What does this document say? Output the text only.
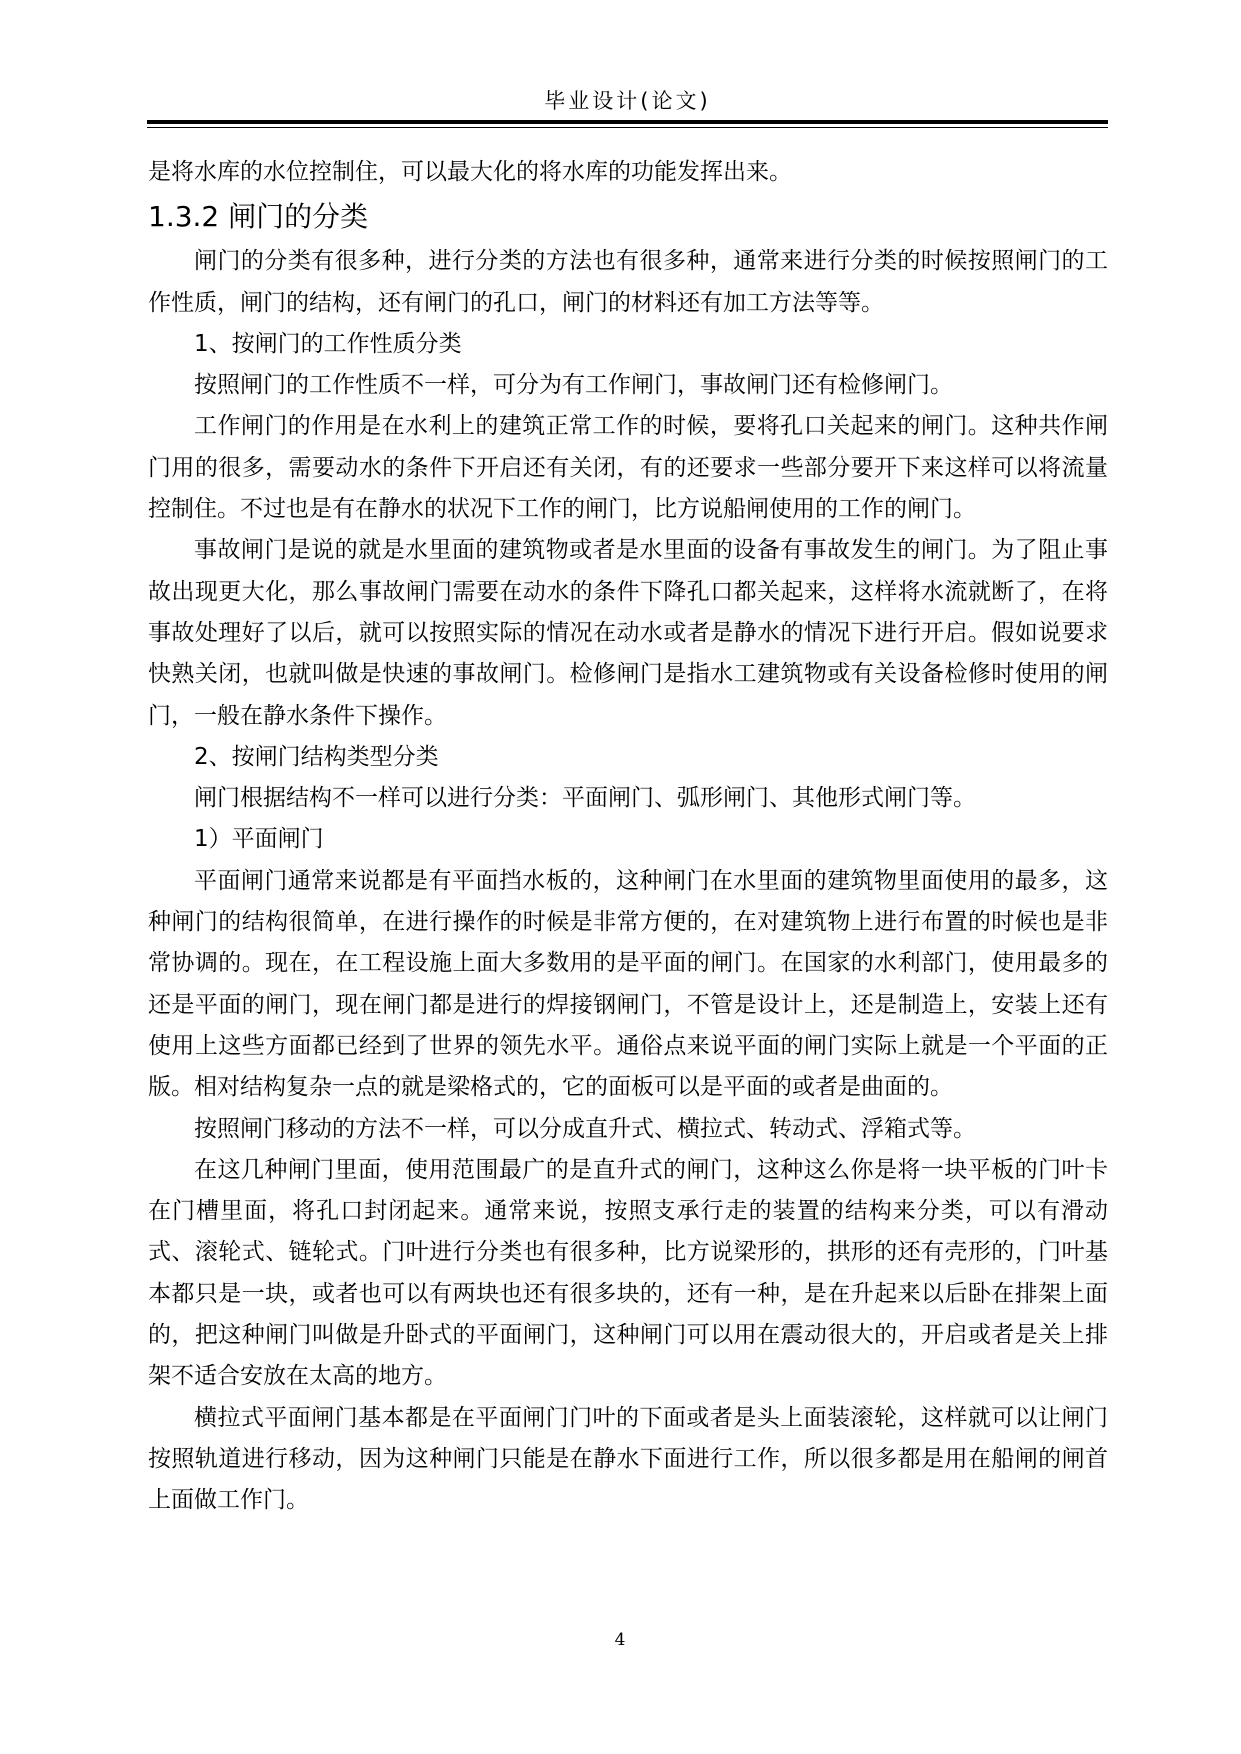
毕业设计(论文)

是将水库的水位控制住，可以最大化的将水库的功能发挥出来。

1.3.2 闸门的分类

闸门的分类有很多种，进行分类的方法也有很多种，通常来进行分类的时候按照闸门的工作性质，闸门的结构，还有闸门的孔口，闸门的材料还有加工方法等等。

1、按闸门的工作性质分类

按照闸门的工作性质不一样，可分为有工作闸门，事故闸门还有检修闸门。

工作闸门的作用是在水利上的建筑正常工作的时候，要将孔口关起来的闸门。这种共作闸门用的很多，需要动水的条件下开启还有关闭，有的还要求一些部分要开下来这样可以将流量控制住。不过也是有在静水的状况下工作的闸门，比方说船闸使用的工作的闸门。

事故闸门是说的就是水里面的建筑物或者是水里面的设备有事故发生的闸门。为了阻止事故出现更大化，那么事故闸门需要在动水的条件下降孔口都关起来，这样将水流就断了，在将事故处理好了以后，就可以按照实际的情况在动水或者是静水的情况下进行开启。假如说要求快熟关闭，也就叫做是快速的事故闸门。检修闸门是指水工建筑物或有关设备检修时使用的闸门，一般在静水条件下操作。

2、按闸门结构类型分类

闸门根据结构不一样可以进行分类：平面闸门、弧形闸门、其他形式闸门等。

1）平面闸门

平面闸门通常来说都是有平面挡水板的，这种闸门在水里面的建筑物里面使用的最多，这种闸门的结构很简单，在进行操作的时候是非常方便的，在对建筑物上进行布置的时候也是非常协调的。现在，在工程设施上面大多数用的是平面的闸门。在国家的水利部门，使用最多的还是平面的闸门，现在闸门都是进行的焊接钢闸门，不管是设计上，还是制造上，安装上还有使用上这些方面都已经到了世界的领先水平。通俗点来说平面的闸门实际上就是一个平面的正版。相对结构复杂一点的就是梁格式的，它的面板可以是平面的或者是曲面的。

按照闸门移动的方法不一样，可以分成直升式、横拉式、转动式、浮箱式等。

在这几种闸门里面，使用范围最广的是直升式的闸门，这种这么你是将一块平板的门叶卡在门槽里面，将孔口封闭起来。通常来说，按照支承行走的装置的结构来分类，可以有滑动式、滚轮式、链轮式。门叶进行分类也有很多种，比方说梁形的，拱形的还有壳形的，门叶基本都只是一块，或者也可以有两块也还有很多块的，还有一种，是在升起来以后卧在排架上面的，把这种闸门叫做是升卧式的平面闸门，这种闸门可以用在震动很大的，开启或者是关上排架不适合安放在太高的地方。

横拉式平面闸门基本都是在平面闸门门叶的下面或者是头上面装滚轮，这样就可以让闸门按照轨道进行移动，因为这种闸门只能是在静水下面进行工作，所以很多都是用在船闸的闸首上面做工作门。

4
